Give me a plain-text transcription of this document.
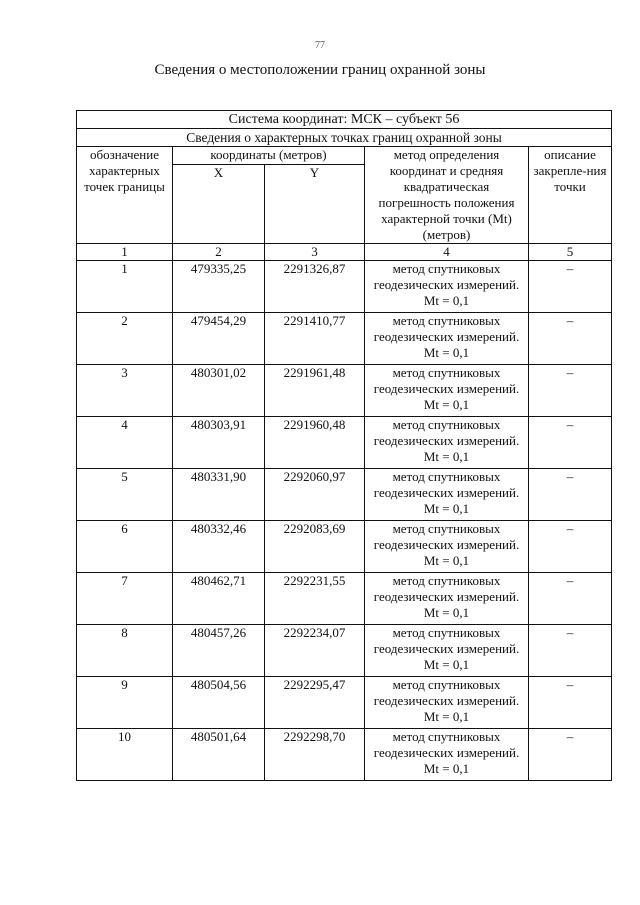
77
Сведения о местоположении границ охранной зоны
Система координат: МСК – субъект 56				
Сведения о характерных точках границ охранной зоны				
обозначение характерных точек границы	координаты (метров)		метод определения координат и средняя квадратическая погрешность положения характерной точки (Мt) (метров)	описание закрепле-ния точки
	X	Y		
1	2	3	4	5
1	479335,25	2291326,87	метод спутниковых геодезических измерений. Mt = 0,1	–
2	479454,29	2291410,77	метод спутниковых геодезических измерений. Mt = 0,1	–
3	480301,02	2291961,48	метод спутниковых геодезических измерений. Mt = 0,1	–
4	480303,91	2291960,48	метод спутниковых геодезических измерений. Mt = 0,1	–
5	480331,90	2292060,97	метод спутниковых геодезических измерений. Mt = 0,1	–
6	480332,46	2292083,69	метод спутниковых геодезических измерений. Mt = 0,1	–
7	480462,71	2292231,55	метод спутниковых геодезических измерений. Mt = 0,1	–
8	480457,26	2292234,07	метод спутниковых геодезических измерений. Mt = 0,1	–
9	480504,56	2292295,47	метод спутниковых геодезических измерений. Mt = 0,1	–
10	480501,64	2292298,70	метод спутниковых геодезических измерений. Mt = 0,1	–
